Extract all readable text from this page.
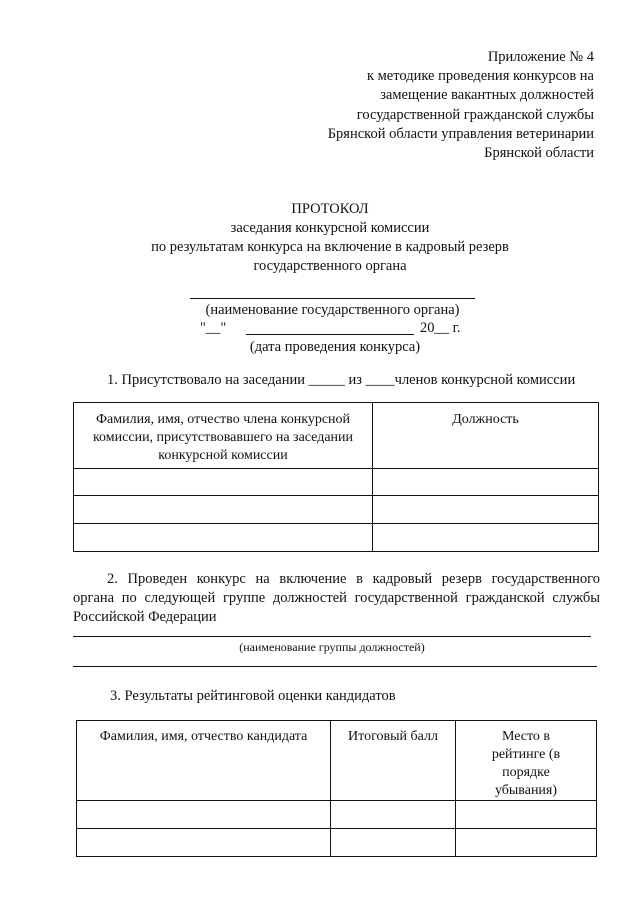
Приложение № 4
к методике проведения конкурсов на
замещение вакантных должностей
государственной гражданской службы
Брянской области управления ветеринарии
Брянской области
ПРОТОКОЛ
заседания конкурсной комиссии
по результатам конкурса на включение в кадровый резерв
государственного органа
(наименование государственного органа)
"__"	20__ г.
(дата проведения конкурса)
1. Присутствовало на заседании _____ из ____членов конкурсной комиссии
Фамилия, имя, отчество члена конкурсной комиссии, присутствовавшего на заседании конкурсной комиссии	Должность

2. Проведен конкурс на включение в кадровый резерв государственного
органа по следующей группе должностей государственной гражданской службы
Российской Федерации
(наименование группы должностей)
3. Результаты рейтинговой оценки кандидатов
Фамилия, имя, отчество кандидата	Итоговый балл	Место в рейтинге (в порядке убывания)
